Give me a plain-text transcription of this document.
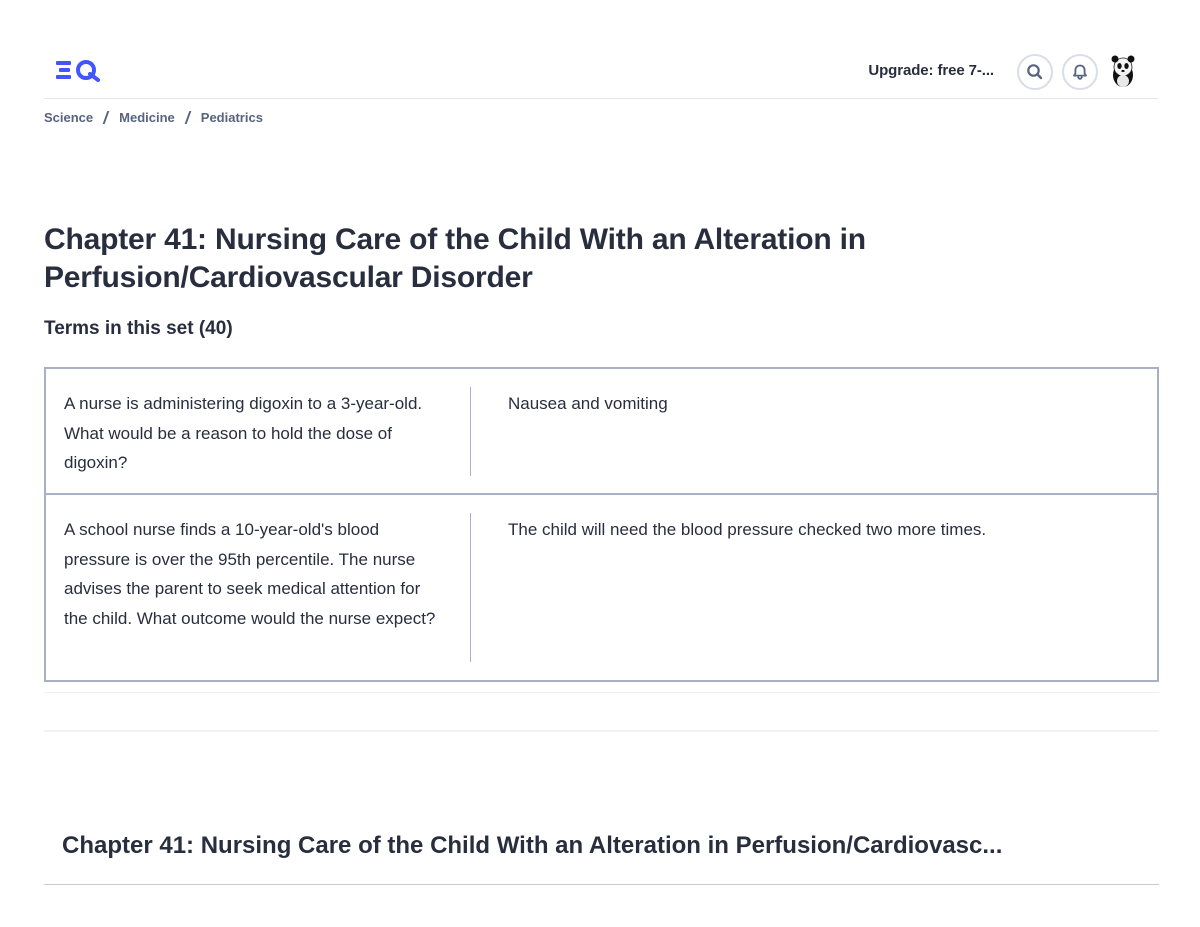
Upgrade: free 7-...
Science Medicine Pediatrics
Chapter 41: Nursing Care of the Child With an Alteration in Perfusion/Cardiovascular Disorder
Terms in this set (40)
A nurse is administering digoxin to a 3-year-old. What would be a reason to hold the dose of digoxin?
Nausea and vomiting
A school nurse finds a 10-year-old's blood pressure is over the 95th percentile. The nurse advises the parent to seek medical attention for the child. What outcome would the nurse expect?
The child will need the blood pressure checked two more times.
Chapter 41: Nursing Care of the Child With an Alteration in Perfusion/Cardiovasc...
